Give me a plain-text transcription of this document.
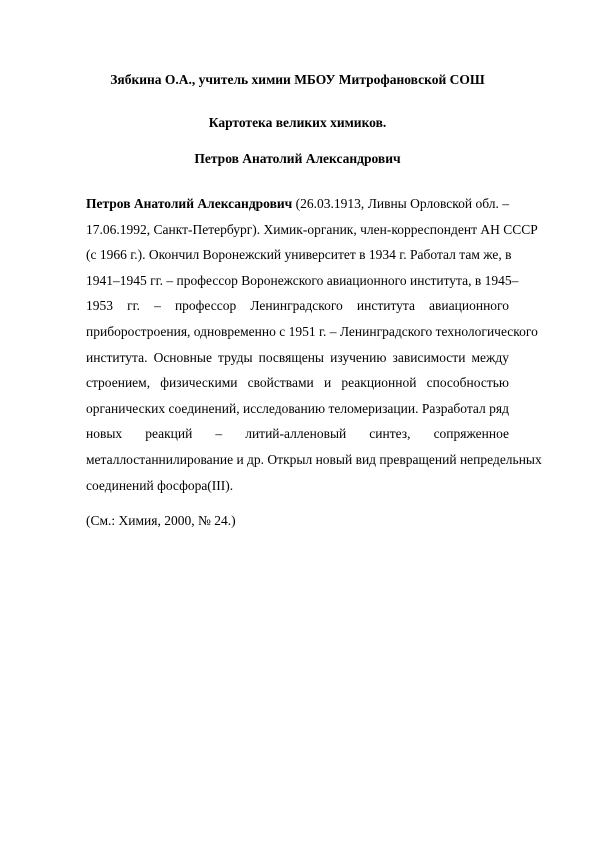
Зябкина О.А., учитель химии МБОУ Митрофановской СОШ
Картотека великих химиков.
Петров Анатолий Александрович
Петров Анатолий Александрович (26.03.1913, Ливны Орловской обл. –
17.06.1992, Санкт-Петербург). Химик-органик, член-корреспондент АН СССР
(с 1966 г.). Окончил Воронежский университет в 1934 г. Работал там же, в
1941–1945 гг. – профессор Воронежского авиационного института, в 1945–
1953 гг. – профессор Ленинградского института авиационного
приборостроения, одновременно с 1951 г. – Ленинградского технологического
института. Основные труды посвящены изучению зависимости между
строением, физическими свойствами и реакционной способностью
органических соединений, исследованию теломеризации. Разработал ряд
новых реакций – литий-алленовый синтез, сопряженное
металлостаннилирование и др. Открыл новый вид превращений непредельных
соединений фосфора(III).
(См.: Химия, 2000, № 24.)
